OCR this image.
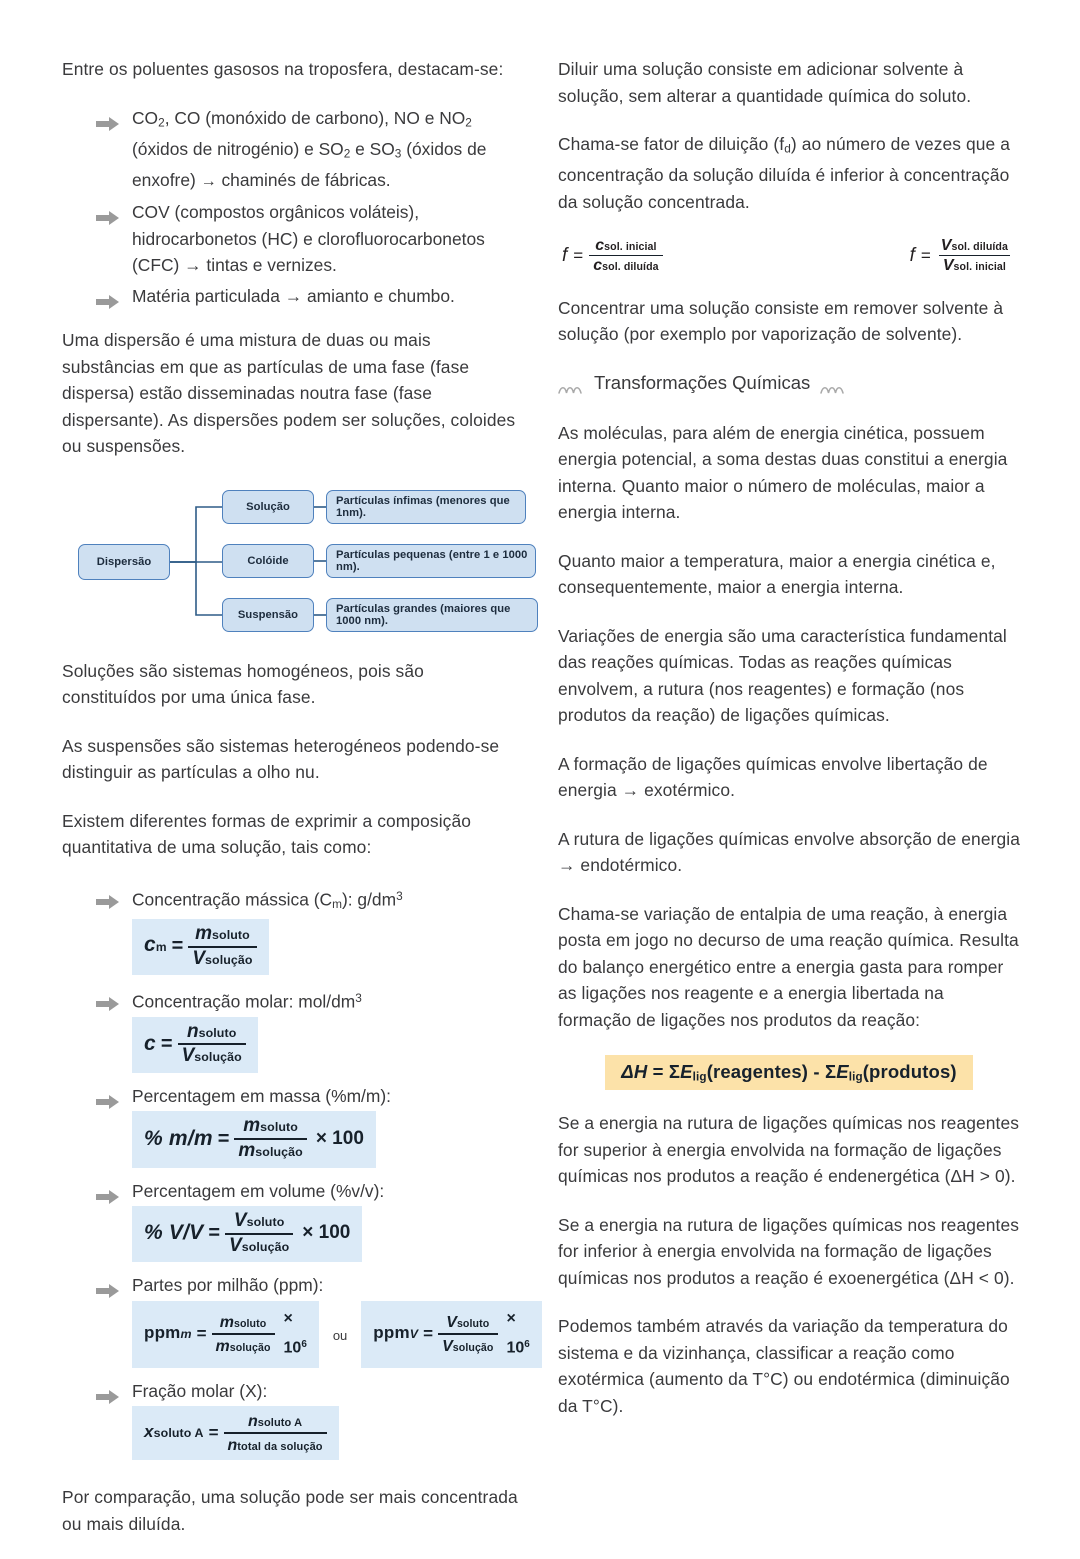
Entre os poluentes gasosos na troposfera, destacam-se:

$CO_2$, CO (monóxido de carbono), NO e $NO_2$ (óxidos de nitrogénio) e $SO_2$ e $SO_3$ (óxidos de enxofre) → chaminés de fábricas.
COV (compostos orgânicos voláteis), hidrocarbonetos (HC) e clorofluorocarbonetos (CFC) → tintas e vernizes.
Matéria particulada → amianto e chumbo.

Uma dispersão é uma mistura de duas ou mais substâncias em que as partículas de uma fase (fase dispersa) estão disseminadas noutra fase (fase dispersante). As dispersões podem ser soluções, coloides ou suspensões.

Dispersão
Solução
Colóide
Suspensão
Partículas ínfimas (menores que 1nm).
Partículas pequenas (entre 1 e 1000 nm).
Partículas grandes (maiores que 1000 nm).

Soluções são sistemas homogéneos, pois são constituídos por uma única fase.

As suspensões são sistemas heterogéneos podendo-se distinguir as partículas a olho nu.

Existem diferentes formas de exprimir a composição quantitativa de uma solução, tais como:

Concentração mássica $(C_m)$: $g/dm^3$
cm = $\frac{\text{msoluto}}{\text{Vsolução}}$
Concentração molar: mol/$dm^3$
$c = \frac{\text{nsoluto}}{\text{Vsolução}}$
Percentagem em massa (%m/m):
% $m/m = \frac{\text{msoluto}}{\text{msolução}} \times 100$
Percentagem em volume (%v/v):
% $V/V = \frac{\text{Vsoluto}}{\text{Vsolução}} \times 100$
Partes por milhão (ppm):
ppmm = $\frac{\text{msoluto}}{\text{msolução}} \times 10^6$
ou ppmV = $\frac{\text{Vsoluto}}{\text{Vsolução}} \times 10^6$
Fração molar (X):
xsoluto $A = \frac{\text{nsoluto A}}{\text{ntotal da solução}}$

Por comparação, uma solução pode ser mais concentrada ou mais diluída.

Diluir uma solução consiste em adicionar solvente à solução, sem alterar a quantidade química do soluto.

Chama-se fator de diluição $(f_d)$ ao número de vezes que a concentração da solução diluída é inferior à concentração da solução concentrada.

$f = \frac{\text{csol. inicial}}{\text{csol. diluída}}$	$f = \frac{\text{Vsol. diluída}}{\text{Vsol. inicial}}$

Concentrar uma solução consiste em remover solvente à solução (por exemplo por vaporização de solvente).

Transformações Químicas

As moléculas, para além de energia cinética, possuem energia potencial, a soma destas duas constitui a energia interna. Quanto maior o número de moléculas, maior a energia interna.

Quanto maior a temperatura, maior a energia cinética e, consequentemente, maior a energia interna.

Variações de energia são uma característica fundamental das reações químicas. Todas as reações químicas envolvem, a rutura (nos reagentes) e formação (nos produtos da reação) de ligações químicas.

A formação de ligações químicas envolve libertação de energia → exotérmico.

A rutura de ligações químicas envolve absorção de energia → endotérmico.

Chama-se variação de entalpia de uma reação, à energia posta em jogo no decurso de uma reação química. Resulta do balanço energético entre a energia gasta para romper as ligações nos reagente e a energia libertada na formação de ligações nos produtos da reação:

$\Delta H = \Sigma E_{lig}(reagentes)$ - $\Sigma E_{lig}(produtos)$

Se a energia na rutura de ligações químicas nos reagentes for superior à energia envolvida na formação de ligações químicas nos produtos a reação é endenergética (ΔH > 0).

Se a energia na rutura de ligações químicas nos reagentes for inferior à energia envolvida na formação de ligações químicas nos produtos a reação é exoenergética (ΔH < 0).

Podemos também através da variação da temperatura do sistema e da vizinhança, classificar a reação como exotérmica (aumento da T°C) ou endotérmica (diminuição da T°C).
